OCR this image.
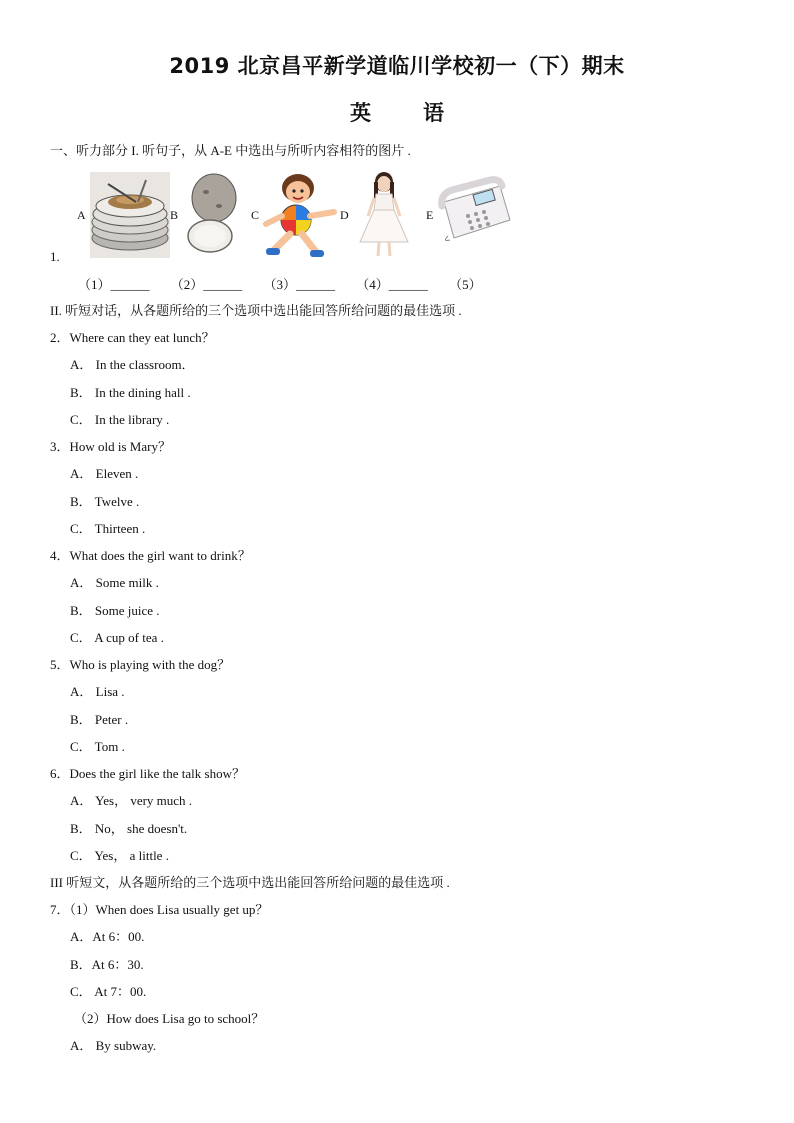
2019 北京昌平新学道临川学校初一（下）期末
英 语
一、听力部分 I. 听句子，从 A-E 中选出与所听内容相符的图片 .
A	B	C	D	E
1.
（1）______ （2）______ （3）______ （4）______ （5）
II. 听短对话，从各题所给的三个选项中选出能回答所给问题的最佳选项 .
2．Where can they eat lunch？
A． In the classroom．
B． In the dining hall .
C． In the library .
3．How old is Mary？
A． Eleven .
B． Twelve .
C． Thirteen .
4．What does the girl want to drink？
A． Some milk .
B． Some juice .
C． A cup of tea .
5．Who is playing with the dog？
A． Lisa .
B． Peter .
C． Tom .
6．Does the girl like the talk show？
A． Yes， very much .
B． No， she doesn't.
C． Yes， a little .
III 听短文，从各题所给的三个选项中选出能回答所给问题的最佳选项 .
7．（1）When does Lisa usually get up？
A．At 6：00.
B．At 6：30.
C． At 7：00.
（2）How does Lisa go to school？
A． By subway.
